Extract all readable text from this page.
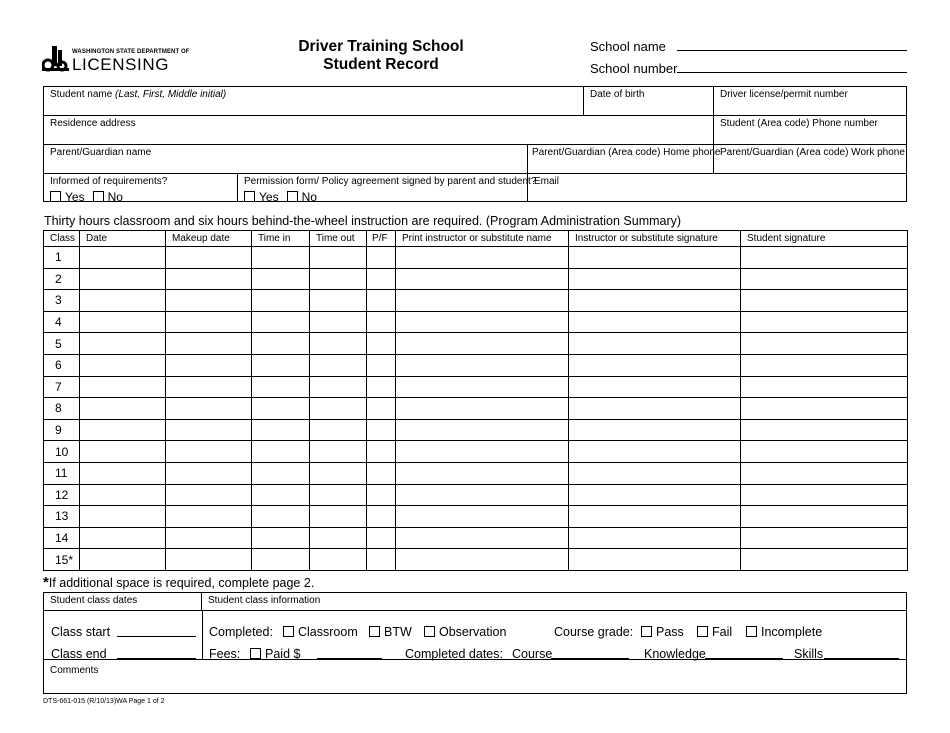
WASHINGTON STATE DEPARTMENT OF
LICENSING
Driver Training School
Student Record
School name
School number
Student name (Last, First, Middle initial)	Date of birth	Driver license/permit number
Residence address	Student (Area code) Phone number
Parent/Guardian name	Parent/Guardian (Area code) Home phone Parent/Guardian (Area code) Work phone
Informed of requirements?
Yes No
Permission form/ Policy agreement signed by parent and student?
Yes No
Email
Thirty hours classroom and six hours behind-the-wheel instruction are required. (Program Administration Summary)
Class	Date	Makeup date	Time in	Time out	P/F	Print instructor or substitute name	Instructor or substitute signature	Student signature
1								
2								
3								
4								
5								
6								
7								
8								
9								
10								
11								
12								
13								
14								
15*								
*If additional space is required, complete page 2.
Student class dates	Student class information
Class start
Class end
Completed:	Classroom	BTW	Observation	Course grade:	Pass	Fail	Incomplete
Fees:	Paid $	Completed dates: Course	Knowledge	Skills
Comments
DTS-661-015 (R/10/13)WA Page 1 of 2
